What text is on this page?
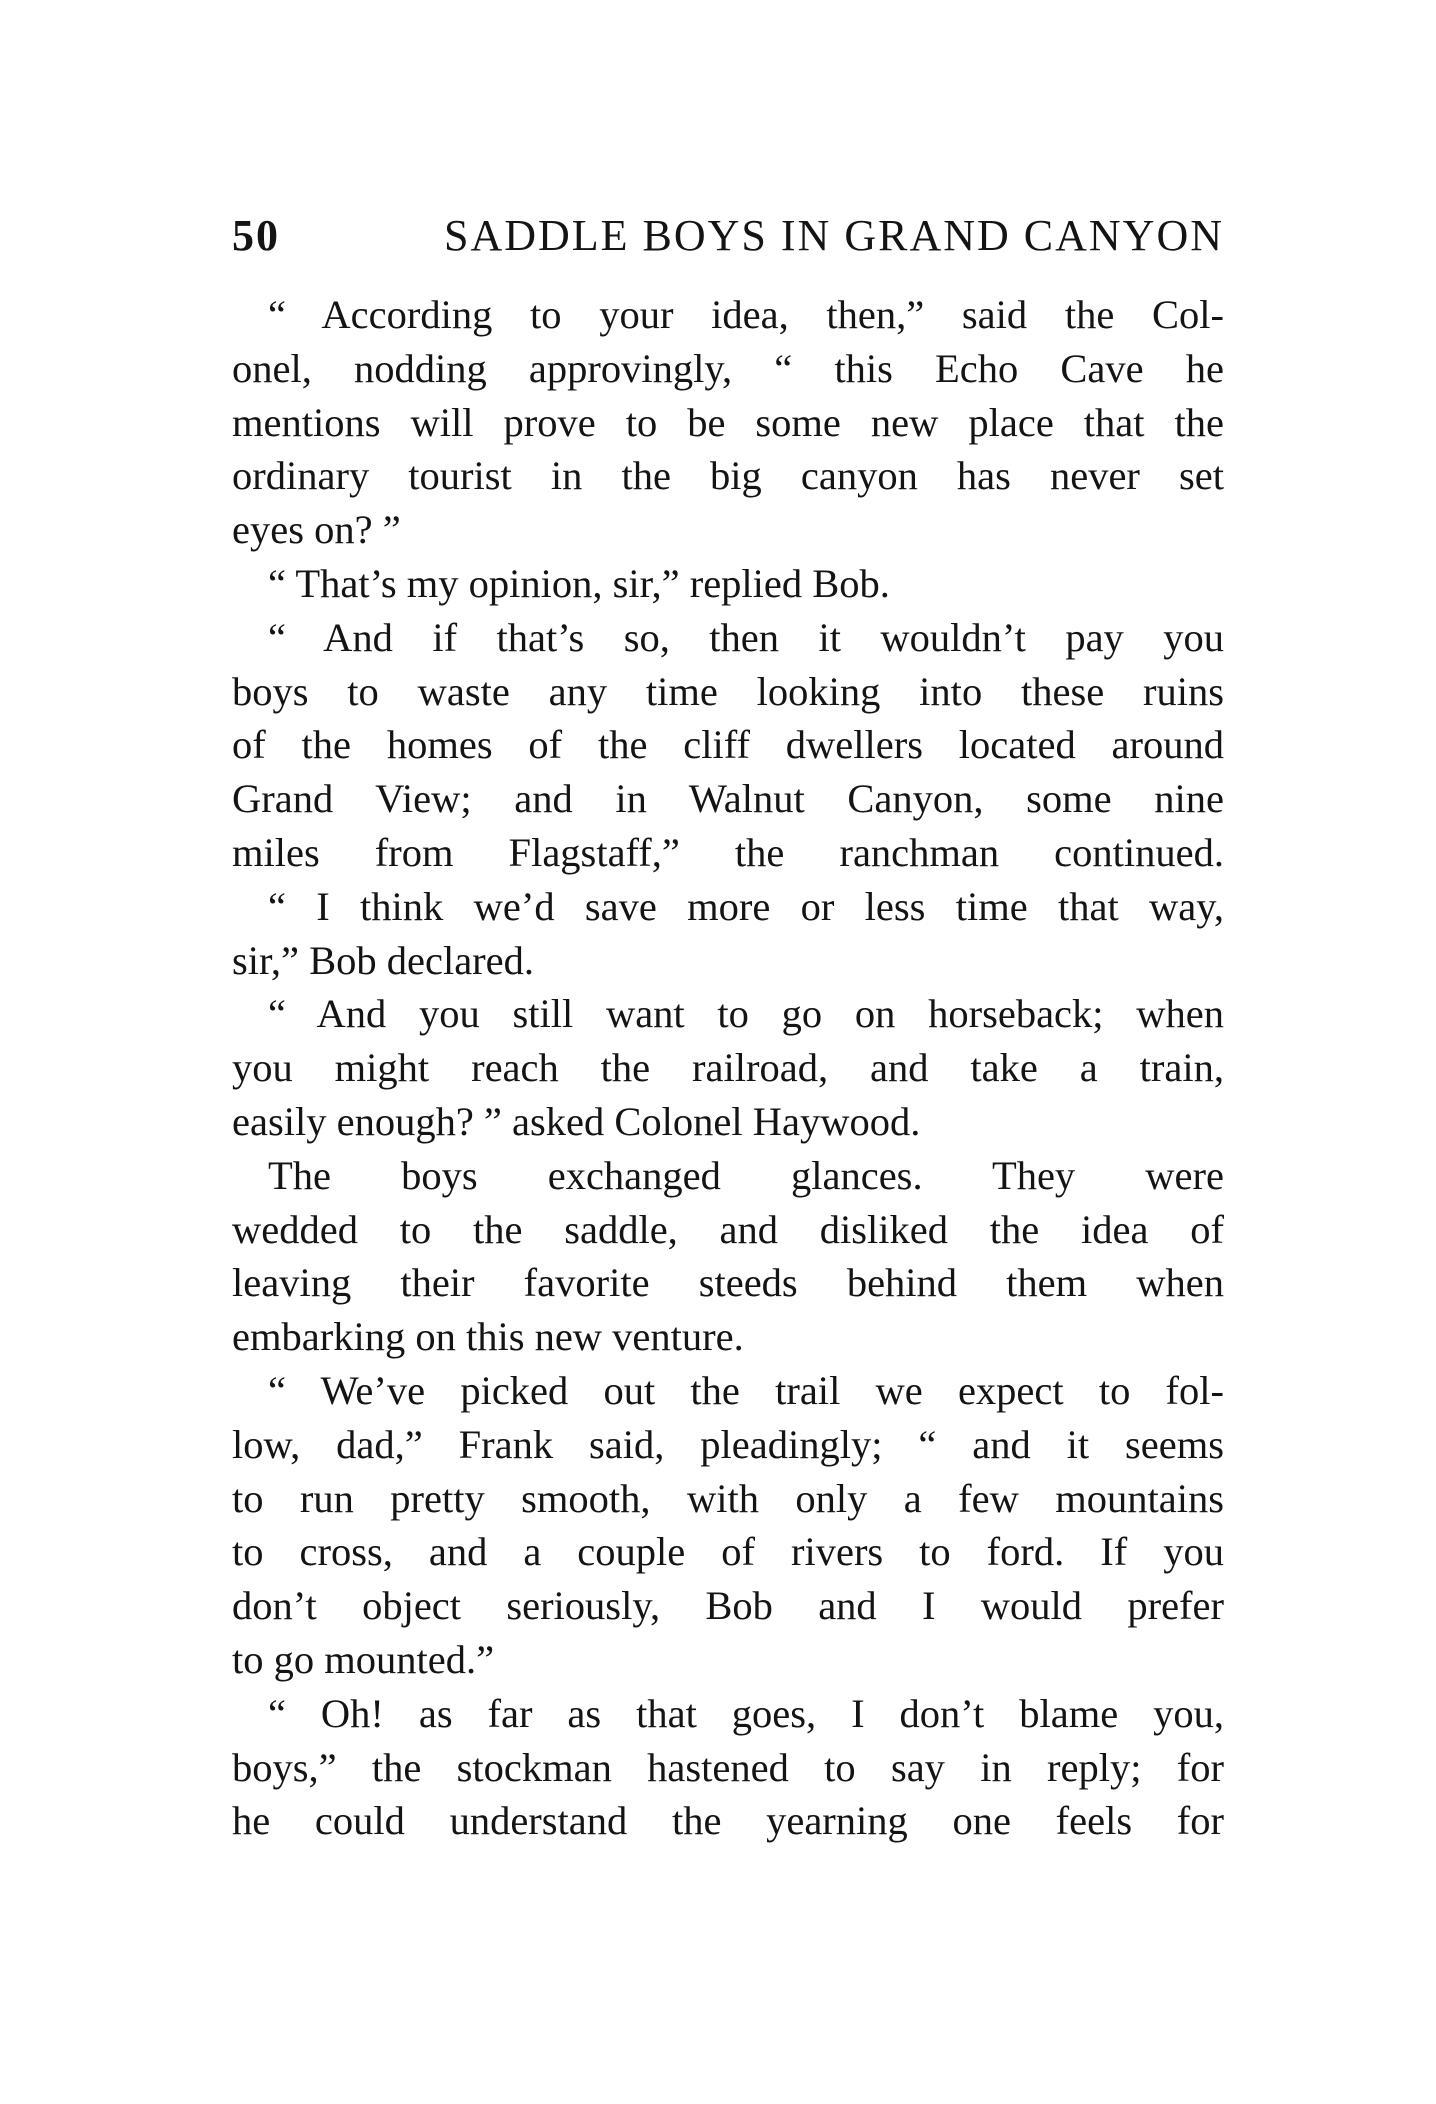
50	SADDLE BOYS IN GRAND CANYON
“ According to your idea, then,” said the Col-
onel, nodding approvingly, “ this Echo Cave he
mentions will prove to be some new place that the
ordinary tourist in the big canyon has never set
eyes on? ”
“ That’s my opinion, sir,” replied Bob.
“ And if that’s so, then it wouldn’t pay you
boys to waste any time looking into these ruins
of the homes of the cliff dwellers located around
Grand View; and in Walnut Canyon, some nine
miles from Flagstaff,” the ranchman continued.
“ I think we’d save more or less time that way,
sir,” Bob declared.
“ And you still want to go on horseback; when
you might reach the railroad, and take a train,
easily enough? ” asked Colonel Haywood.
The boys exchanged glances. They were
wedded to the saddle, and disliked the idea of
leaving their favorite steeds behind them when
embarking on this new venture.
“ We’ve picked out the trail we expect to fol-
low, dad,” Frank said, pleadingly; “ and it seems
to run pretty smooth, with only a few mountains
to cross, and a couple of rivers to ford. If you
don’t object seriously, Bob and I would prefer
to go mounted.”
“ Oh! as far as that goes, I don’t blame you,
boys,” the stockman hastened to say in reply; for
he could understand the yearning one feels for
